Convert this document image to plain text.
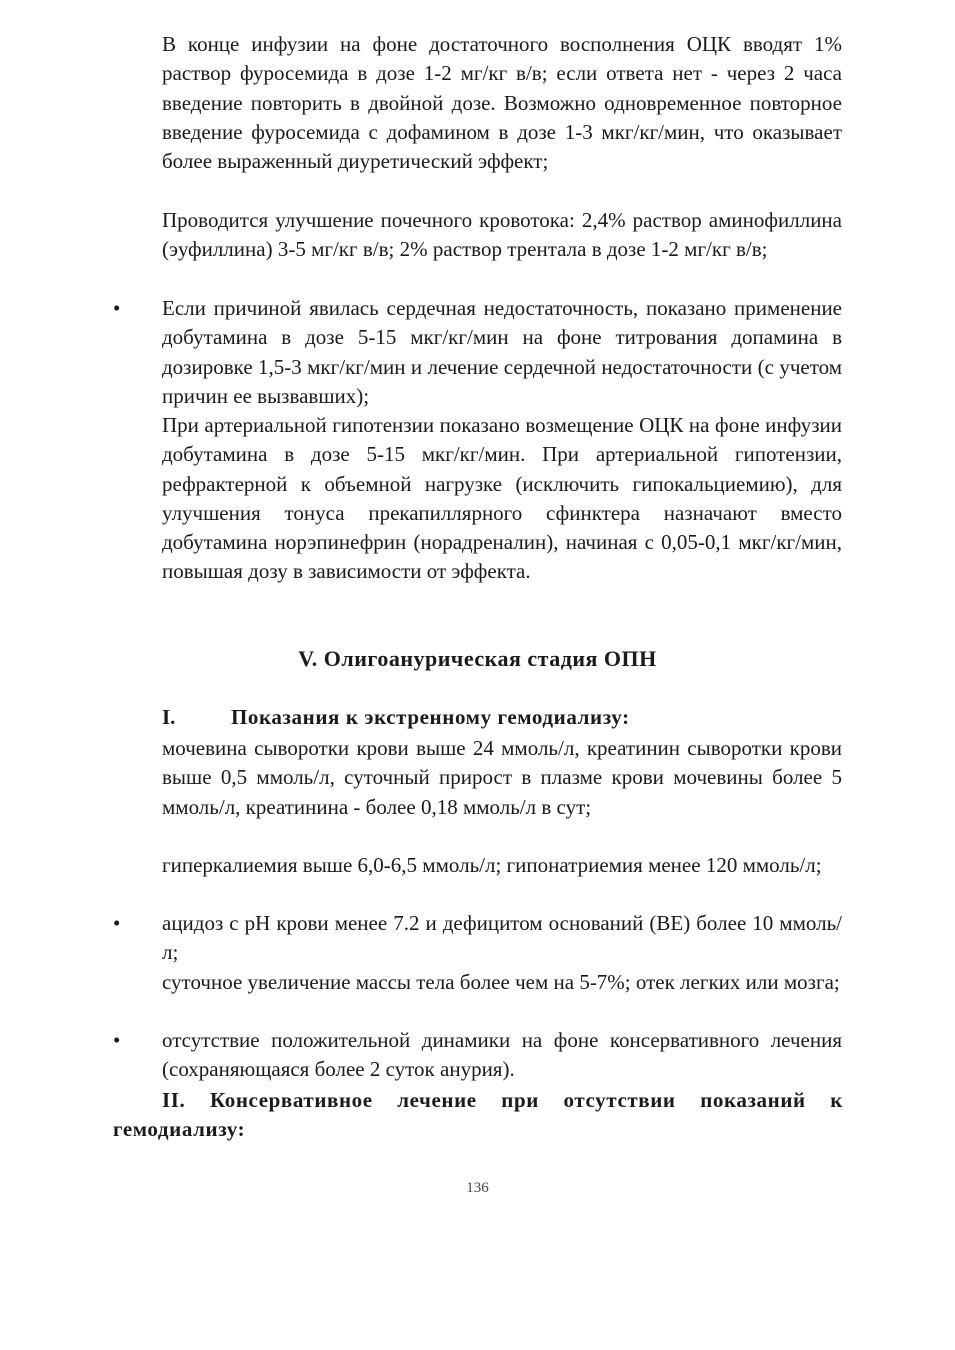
В конце инфузии на фоне достаточного восполнения ОЦК вводят 1% раствор фуросемида в дозе 1-2 мг/кг в/в; если ответа нет - через 2 часа введение повторить в двойной дозе. Возможно одновременное повторное введение фуросемида с дофамином в дозе 1-3 мкг/кг/мин, что оказывает более выраженный диуретический эффект;

Проводится улучшение почечного кровотока: 2,4% раствор аминофиллина (эуфиллина) 3-5 мг/кг в/в; 2% раствор трентала в дозе 1-2 мг/кг в/в;

•	Если причиной явилась сердечная недостаточность, показано применение добутамина в дозе 5-15 мкг/кг/мин на фоне титрования допамина в дозировке 1,5-3 мкг/кг/мин и лечение сердечной недостаточности (с учетом причин ее вызвавших);

При артериальной гипотензии показано возмещение ОЦК на фоне инфузии добутамина в дозе 5-15 мкг/кг/мин. При артериальной гипотензии, рефрактерной к объемной нагрузке (исключить гипокальциемию), для улучшения тонуса прекапиллярного сфинктера назначают вместо добутамина норэпинефрин (норадреналин), начиная с 0,05-0,1 мкг/кг/мин, повышая дозу в зависимости от эффекта.

V. Олигоанурическая стадия ОПН
I.	Показания к экстренному гемодиализу:

мочевина сыворотки крови выше 24 ммоль/л, креатинин сыворотки крови выше 0,5 ммоль/л, суточный прирост в плазме крови мочевины более 5 ммоль/л, креатинина - более 0,18 ммоль/л в сут;

гиперкалиемия выше 6,0-6,5 ммоль/л; гипонатриемия менее 120 ммоль/л;

•	ацидоз с pH крови менее 7.2 и дефицитом оснований (BE) более 10 ммоль/л;

суточное увеличение массы тела более чем на 5-7%; отек легких или мозга;

•	отсутствие положительной динамики на фоне консервативного лечения (сохраняющаяся более 2 суток анурия).

II. Консервативное лечение при отсутствии показаний к гемодиализу:

136
